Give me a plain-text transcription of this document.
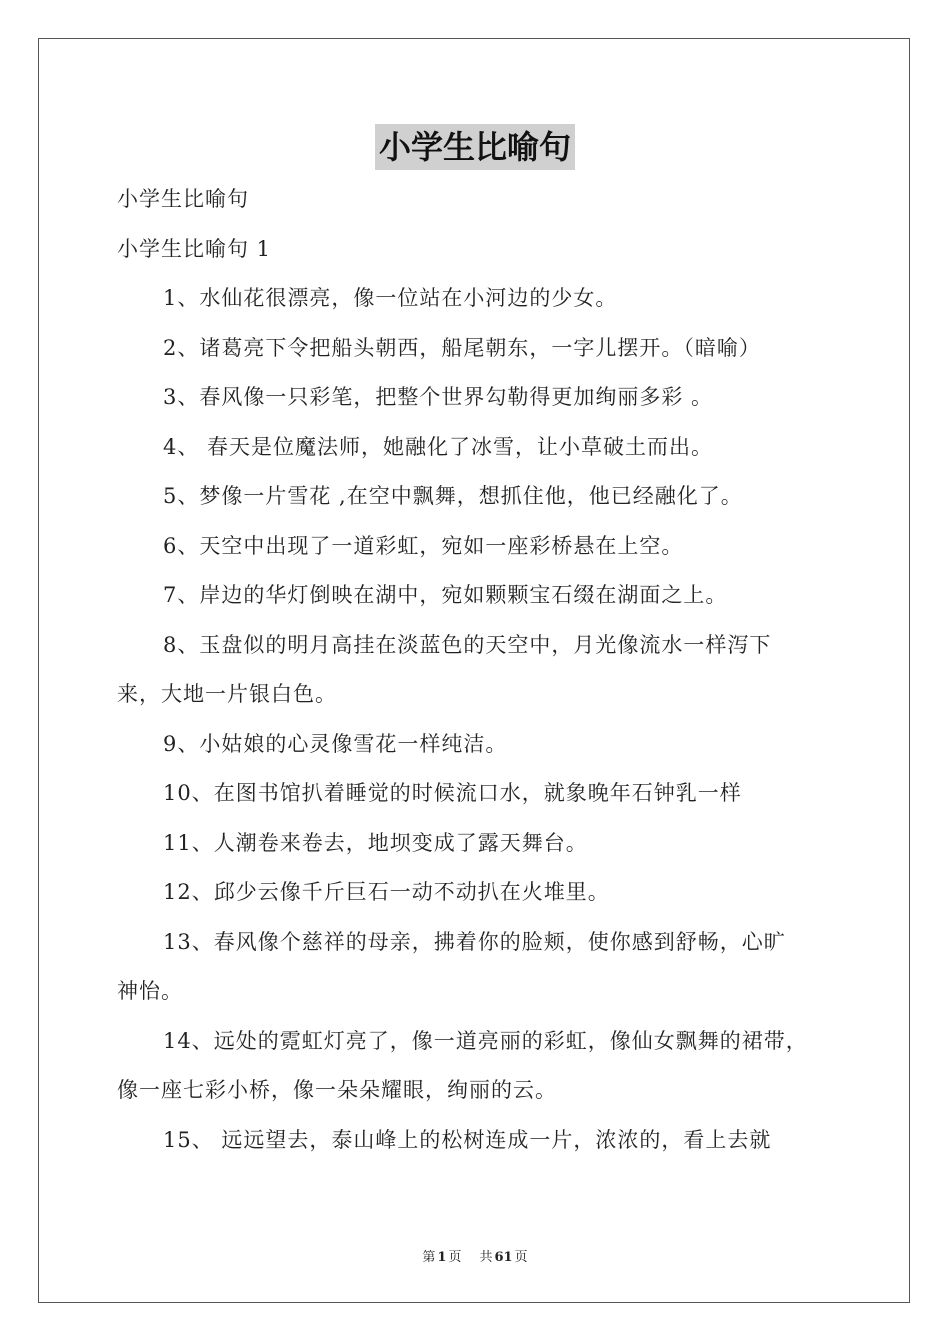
小学生比喻句

小学生比喻句

小学生比喻句 1

1、水仙花很漂亮，像一位站在小河边的少女。

2、诸葛亮下令把船头朝西，船尾朝东，一字儿摆开。（暗喻）

3、春风像一只彩笔，把整个世界勾勒得更加绚丽多彩 。

4、 春天是位魔法师，她融化了冰雪，让小草破土而出。

5、梦像一片雪花 ,在空中飘舞，想抓住他，他已经融化了。

6、天空中出现了一道彩虹，宛如一座彩桥悬在上空。

7、岸边的华灯倒映在湖中，宛如颗颗宝石缀在湖面之上。

8、玉盘似的明月高挂在淡蓝色的天空中，月光像流水一样泻下

来，大地一片银白色。

9、小姑娘的心灵像雪花一样纯洁。

10、在图书馆扒着睡觉的时候流口水，就象晚年石钟乳一样

11、人潮卷来卷去，地坝变成了露天舞台。

12、邱少云像千斤巨石一动不动扒在火堆里。

13、春风像个慈祥的母亲，拂着你的脸颊，使你感到舒畅，心旷

神怡。

14、远处的霓虹灯亮了，像一道亮丽的彩虹，像仙女飘舞的裙带，

像一座七彩小桥，像一朵朵耀眼，绚丽的云。

15、 远远望去，泰山峰上的松树连成一片，浓浓的，看上去就

第 1 页 共 61 页
